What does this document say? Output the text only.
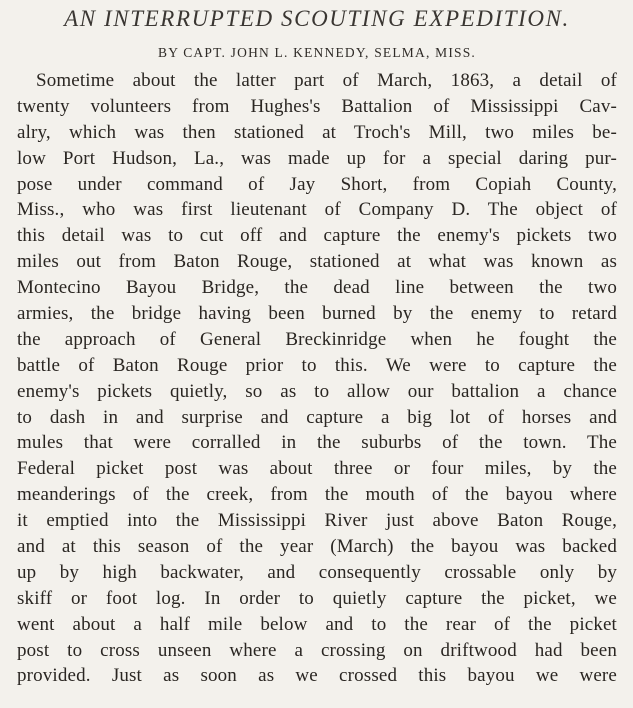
AN INTERRUPTED SCOUTING EXPEDITION.
BY CAPT. JOHN L. KENNEDY, SELMA, MISS.
Sometime about the latter part of March, 1863, a detail of
twenty volunteers from Hughes's Battalion of Mississippi Cav-
alry, which was then stationed at Troch's Mill, two miles be-
low Port Hudson, La., was made up for a special daring pur-
pose under command of Jay Short, from Copiah County,
Miss., who was first lieutenant of Company D. The object of
this detail was to cut off and capture the enemy's pickets two
miles out from Baton Rouge, stationed at what was known as
Montecino Bayou Bridge, the dead line between the two
armies, the bridge having been burned by the enemy to retard
the approach of General Breckinridge when he fought the
battle of Baton Rouge prior to this. We were to capture the
enemy's pickets quietly, so as to allow our battalion a chance
to dash in and surprise and capture a big lot of horses and
mules that were corralled in the suburbs of the town. The
Federal picket post was about three or four miles, by the
meanderings of the creek, from the mouth of the bayou where
it emptied into the Mississippi River just above Baton Rouge,
and at this season of the year (March) the bayou was backed
up by high backwater, and consequently crossable only by
skiff or foot log. In order to quietly capture the picket, we
went about a half mile below and to the rear of the picket
post to cross unseen where a crossing on driftwood had been
provided. Just as soon as we crossed this bayou we were
